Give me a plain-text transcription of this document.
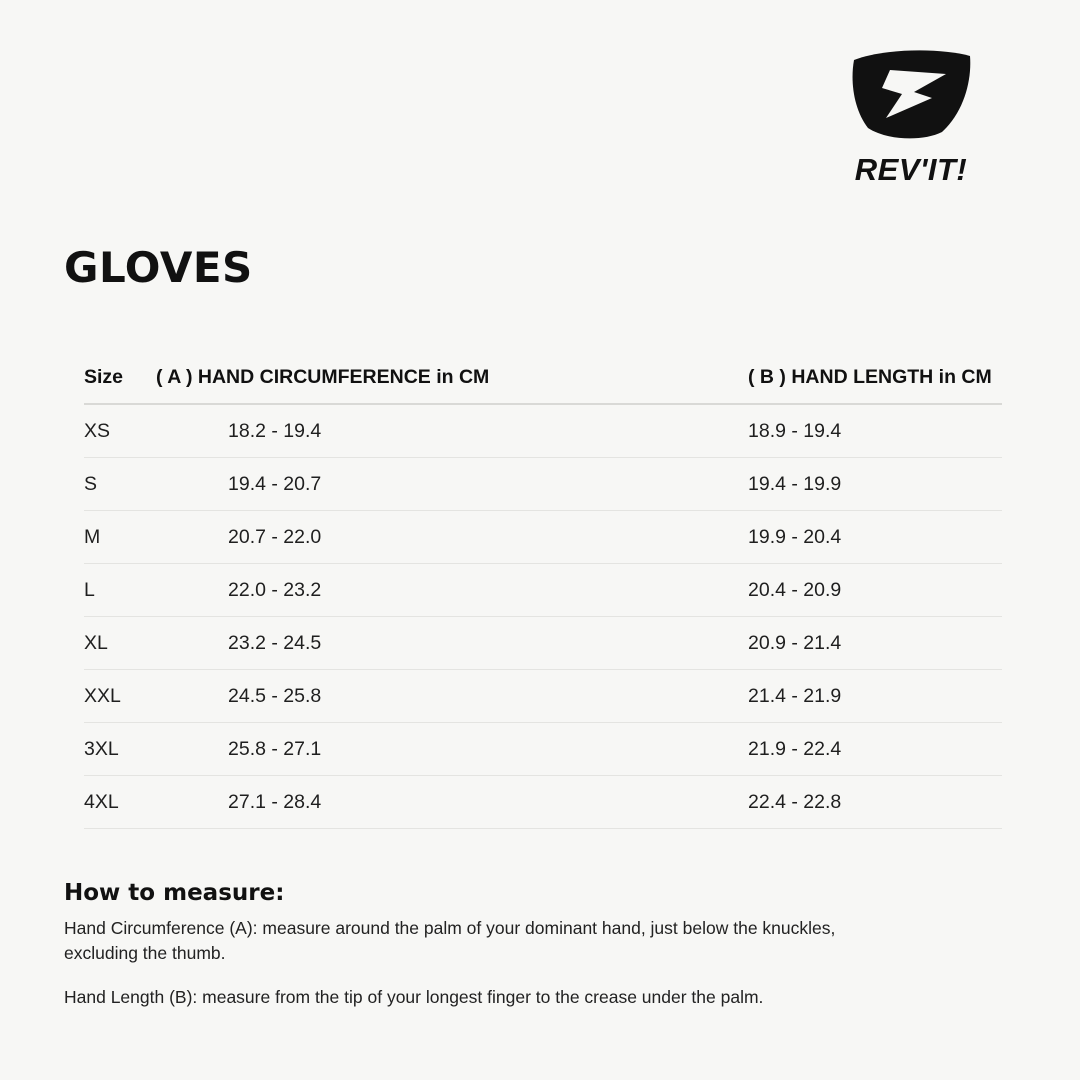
REV'IT!
GLOVES
Size	( A ) HAND CIRCUMFERENCE in CM	( B ) HAND LENGTH in CM
XS	18.2 - 19.4	18.9 - 19.4
S	19.4 - 20.7	19.4 - 19.9
M	20.7 - 22.0	19.9 - 20.4
L	22.0 - 23.2	20.4 - 20.9
XL	23.2 - 24.5	20.9 - 21.4
XXL	24.5 - 25.8	21.4 - 21.9
3XL	25.8 - 27.1	21.9 - 22.4
4XL	27.1 - 28.4	22.4 - 22.8
How to measure:

Hand Circumference (A): measure around the palm of your dominant hand, just below the knuckles, excluding the thumb.

Hand Length (B): measure from the tip of your longest finger to the crease under the palm.
